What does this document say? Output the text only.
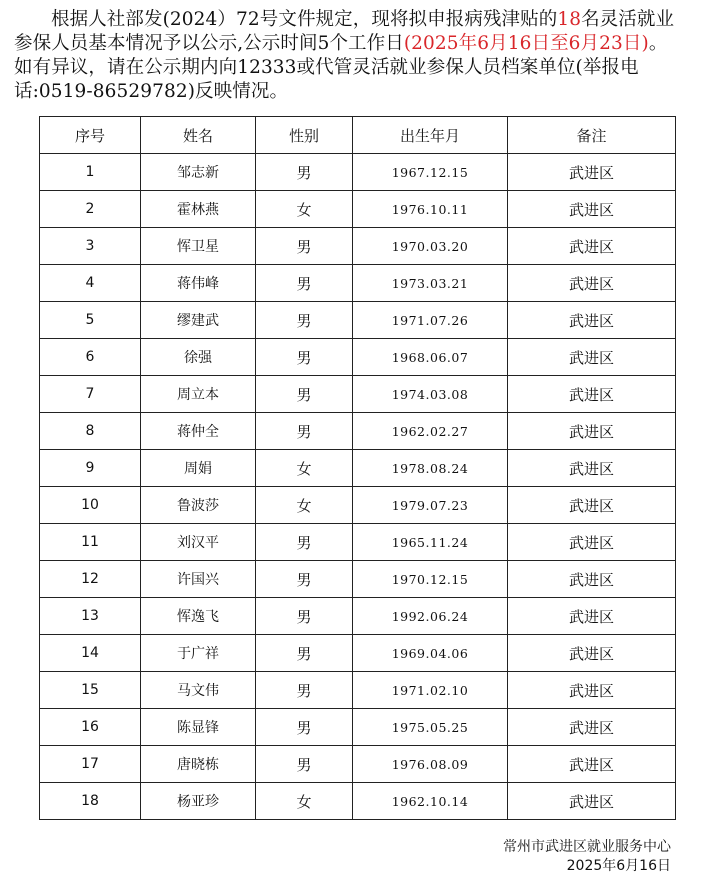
根据人社部发(2024）72号文件规定，现将拟申报病残津贴的18名灵活就业参保人员基本情况予以公示,公示时间5个工作日(2025年6月16日至6月23日)。如有异议，请在公示期内向12333或代管灵活就业参保人员档案单位(举报电话:0519-86529782)反映情况。

序号	姓名	性别	出生年月	备注
1	邹志新	男	1967.12.15	武进区
2	霍林燕	女	1976.10.11	武进区
3	恽卫星	男	1970.03.20	武进区
4	蒋伟峰	男	1973.03.21	武进区
5	缪建武	男	1971.07.26	武进区
6	徐强	男	1968.06.07	武进区
7	周立本	男	1974.03.08	武进区
8	蒋仲全	男	1962.02.27	武进区
9	周娟	女	1978.08.24	武进区
10	鲁波莎	女	1979.07.23	武进区
11	刘汉平	男	1965.11.24	武进区
12	许国兴	男	1970.12.15	武进区
13	恽逸飞	男	1992.06.24	武进区
14	于广祥	男	1969.04.06	武进区
15	马文伟	男	1971.02.10	武进区
16	陈显锋	男	1975.05.25	武进区
17	唐晓栋	男	1976.08.09	武进区
18	杨亚珍	女	1962.10.14	武进区
常州市武进区就业服务中心
2025年6月16日
